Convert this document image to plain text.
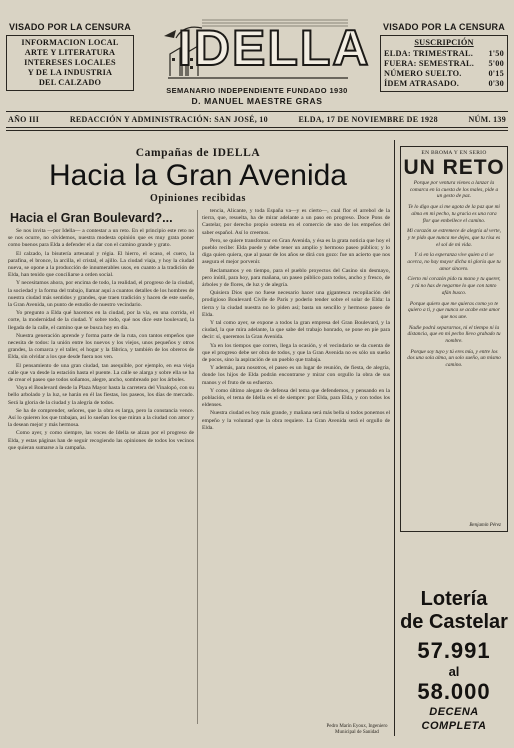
VISADO POR LA CENSURA
INFORMACION LOCAL
ARTE Y LITERATURA
INTERESES LOCALES
Y DE LA INDUSTRIA
DEL CALZADO
IDELLA
SEMANARIO INDEPENDIENTE FUNDADO 1930
D. MANUEL MAESTRE GRAS
VISADO POR LA CENSURA
SUSCRIPCIÓN
ELDA: TRIMESTRAL. 1'50
FUERA: SEMESTRAL. 5'00
NÚMERO SUELTO.	0'15
ÍDEM ATRASADO.	0'30
AÑO III	REDACCIÓN Y ADMINISTRACIÓN: SAN JOSÉ, 10	ELDA, 17 DE NOVIEMBRE DE 1928	NÚM. 139
Campañas de IDELLA
Hacia la Gran Avenida
Opiniones recibidas
Hacia el Gran Boulevard?...

Se nos invita —por Idella— a contestar a un reto. En el principio este reto no se nos ocurre, no olvidemos, nuestra modesta opinión que es muy grata poner como buenos para Elda a defender el a dar con el camino grande y grato.

El calzado, la bisutería artesanal y régia. El hierro, el ocaso, el cuero, la parafina, el bronce, la arcilla, el cristal, el ajillo. La ciudad viaja, y hoy la ciudad nueva, se opone a la producción de innumerables usos, en cuanto a la tradición de Elda, han tenido que conciliarse a orden social.

Y necesitamos ahora, por encima de todo, la realidad, el progreso de la ciudad, la sociedad y la forma del trabajo, llamar aquí a cuantos detalles de los hombres de nuestra ciudad más sentidos y grandes, que traen tradición y hacen de este sueño, la Gran Avenida, un punto de estudio de nuestro vecindario.

Yo pregunto a Elda qué hacemos en la ciudad, por la vía, en una corrida, el corte, la modernidad de la ciudad. Y sobre todo, qué nos dice este boulevard, la llegada de la calle, el camino que se busca hoy en día.

Nuestra generación aprende y forma parte de la ruta, con tantos empeños que necesita de todos: la unión entre los nuevos y los viejos, unos pequeños y otros grandes, la comarca y el taller, el hogar y la fábrica, y también de los obreros de Elda, sin olvidar a los que desde fuera nos ven.

El pensamiento de una gran ciudad, tan asequible, por ejemplo, en esa vieja calle que va desde la estación hasta el puente. La calle se alarga y sobre ella se ha de crear el paseo que todos soñamos, alegre, ancho, sombreado por los árboles.

Vaya el Boulevard desde la Plaza Mayor hasta la carretera del Vinalopó, con su bello arbolado y la luz, se harán en él las fiestas, los paseos, los días de mercado. Será la gloria de la ciudad y la alegría de todos.

Se ha de comprender, señores, que la obra es larga, pero la constancia vence. Así lo quieren los que trabajan, así lo sueñan los que miran a la ciudad con amor y la desean mejor y más hermosa.

Como ayer, y como siempre, las voces de Idella se alzan por el progreso de Elda, y estas páginas han de seguir recogiendo las opiniones de todos los vecinos que quieran sumarse a la campaña.

tencia, Alicante, y toda España va—y es cierto—, cual flor el arrebol de la tierra, que, resuelta, ha de mirar adelante a un paso en progreso. Doce Pons de Castelar, por derecho propio ostenta en el comercio de uno de los empeños del saber español. Así lo creemos.

Pero, se quiere transformar en Gran Avenida, y ésa es la grata noticia que hoy el pueblo recibe: Elda puede y debe tener un amplio y hermoso paseo público; y lo diga quien quiera, que al pasar de los años se dirá con gozo: fue un acierto que nos asegura el mejor porvenir.

Reclamamos y en tiempo, para el pueblo proyectos del Casino sin desmayo, pero inútil, para hoy, para mañana, un paseo público para todos, ancho y fresco, de árboles y de flores, de luz y de alegría.

Quisiera Dios que no fuese necesario hacer una gigantesca recopilación del prodigioso Boulevard Civile de París y poderlo tender sobre el solar de Elda: la tierra y la ciudad nuestra no lo piden así; basta un sencillo y hermoso paseo de Elda.

Y tal como ayer, se expone a todos la gran empresa del Gran Boulevard, y la ciudad, la que mira adelante, la que sabe del trabajo honrado, se pone en pie para decir: sí, queremos la Gran Avenida.

Ya en los tiempos que corren, llega la ocasión, y el vecindario se da cuenta de que el progreso debe ser obra de todos, y que la Gran Avenida no es sólo un sueño de pocos, sino la aspiración de un pueblo que trabaja.

Y además, para nosotros, el paseo es un lugar de reunión, de fiesta, de alegría, donde los hijos de Elda podrán encontrarse y mirar con orgullo la obra de sus manos y el fruto de su esfuerzo.

Y como último alegato de defensa del tema que defendemos, y pensando en la población, el tema de Idella es el de siempre: por Elda, para Elda, y con todos los eldenses.

Nuestra ciudad es hoy más grande, y mañana será más bella si todos ponemos el empeño y la voluntad que la obra requiere. La Gran Avenida será el orgullo de Elda.

Pedro Marín Eyoux, Ingeniero Municipal de Sanidad
EN BROMA Y EN SERIO
UN RETO

Porque por ventura vienes a lanzar la comarca en la cuesta de los males, pide a un gesto de paz.

Te lo digo que si me agota de la paz que mi alma en mi pecho, tu gracia es una rara flor que embellece el camino.

Mi corazón se estremece de alegría al verte, y te pido que nunca me dejes, que tu risa es el sol de mi vida.

Y si en la esperanza vive quien a ti se acerca, no hay mayor dicha ni gloria que tu amor sincero.

Cierto mi corazón pido tu mano y tu querer, y tú no has de negarme lo que con tanto afán busco.

Porque quiero que me quieras como yo te quiero a ti, y que nunca se acabe este amor que nos une.

Nadie podrá separarnos, ni el tiempo ni la distancia, que en mi pecho llevo grabado tu nombre.

Porque soy tuyo y tú eres mía, y entre los dos una sola alma, un solo sueño, un mismo camino.

Benjamín Pérez
Lotería
de Castelar
57.991
al
58.000
DECENA COMPLETA
